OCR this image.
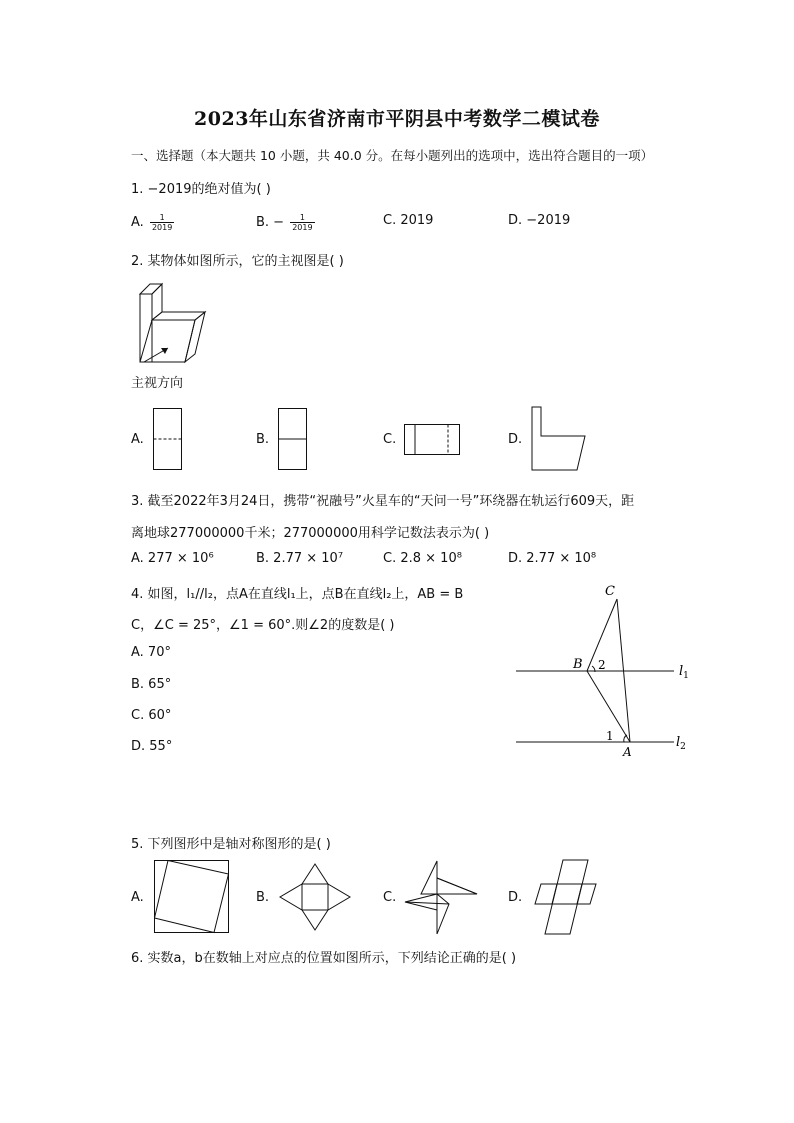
2023年山东省济南市平阴县中考数学二模试卷
一、选择题（本大题共 10 小题，共 40.0 分。在每小题列出的选项中，选出符合题目的一项）
1. −2019的绝对值为( )
A. $\frac{1}{2019}$	B. − $\frac{1}{2019}$	C. 2019	D. −2019
2. 某物体如图所示，它的主视图是( )
主视方向
A.	B.	C.	D.
3. 截至2022年3月24日，携带“祝融号”火星车的“天问一号”环绕器在轨运行609天，距
离地球277000000千米；277000000用科学记数法表示为( )
A. 277 × 10⁶	B. 2.77 × 10⁷	C. 2.8 × 10⁸	D. 2.77 × 10⁸
4. 如图，l₁//l₂，点A在直线l₁上，点B在直线l₂上，AB = B
C，∠C = 25°，∠1 = 60°.则∠2的度数是( )
A. 70°
B. 65°
C. 60°
D. 55°
C
B 2
1
A
$l_1$
$l_2$
5. 下列图形中是轴对称图形的是( )
A.	B.	C.	D.
6. 实数a，b在数轴上对应点的位置如图所示，下列结论正确的是( )
